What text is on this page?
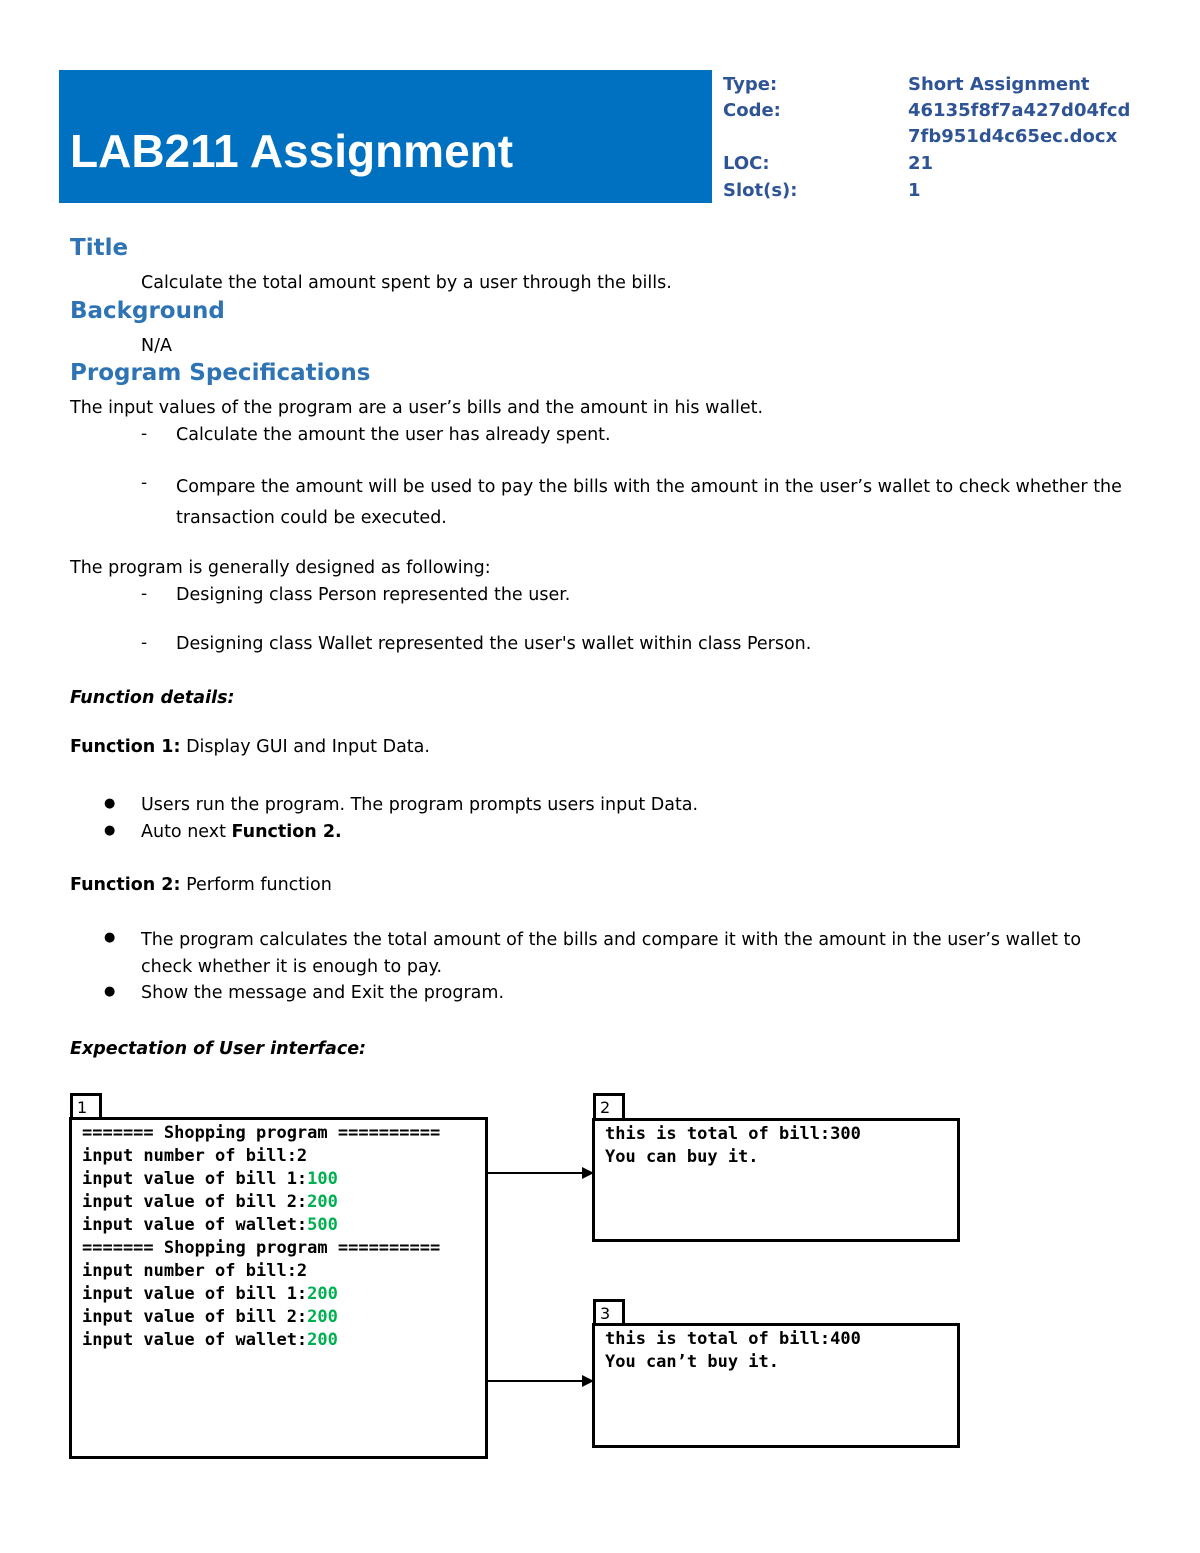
LAB211 Assignment
Type:	Short Assignment
Code:	46135f8f7a427d04fcd
7fb951d4c65ec.docx
LOC:	21
Slot(s):	1
Title
Calculate the total amount spent by a user through the bills.
Background
N/A
Program Specifications
The input values of the program are a user’s bills and the amount in his wallet.
- Calculate the amount the user has already spent.
- Compare the amount will be used to pay the bills with the amount in the user’s wallet to check whether the transaction could be executed.
The program is generally designed as following:
- Designing class Person represented the user.
- Designing class Wallet represented the user's wallet within class Person.
Function details:
Function 1: Display GUI and Input Data.
● Users run the program. The program prompts users input Data.
● Auto next Function 2.
Function 2: Perform function
● The program calculates the total amount of the bills and compare it with the amount in the user’s wallet to check whether it is enough to pay.
● Show the message and Exit the program.
Expectation of User interface:
1
======= Shopping program ==========
input number of bill:2
input value of bill 1:100
input value of bill 2:200
input value of wallet:500
======= Shopping program ==========
input number of bill:2
input value of bill 1:200
input value of bill 2:200
input value of wallet:200
2
this is total of bill:300
You can buy it.
3
this is total of bill:400
You can’t buy it.
